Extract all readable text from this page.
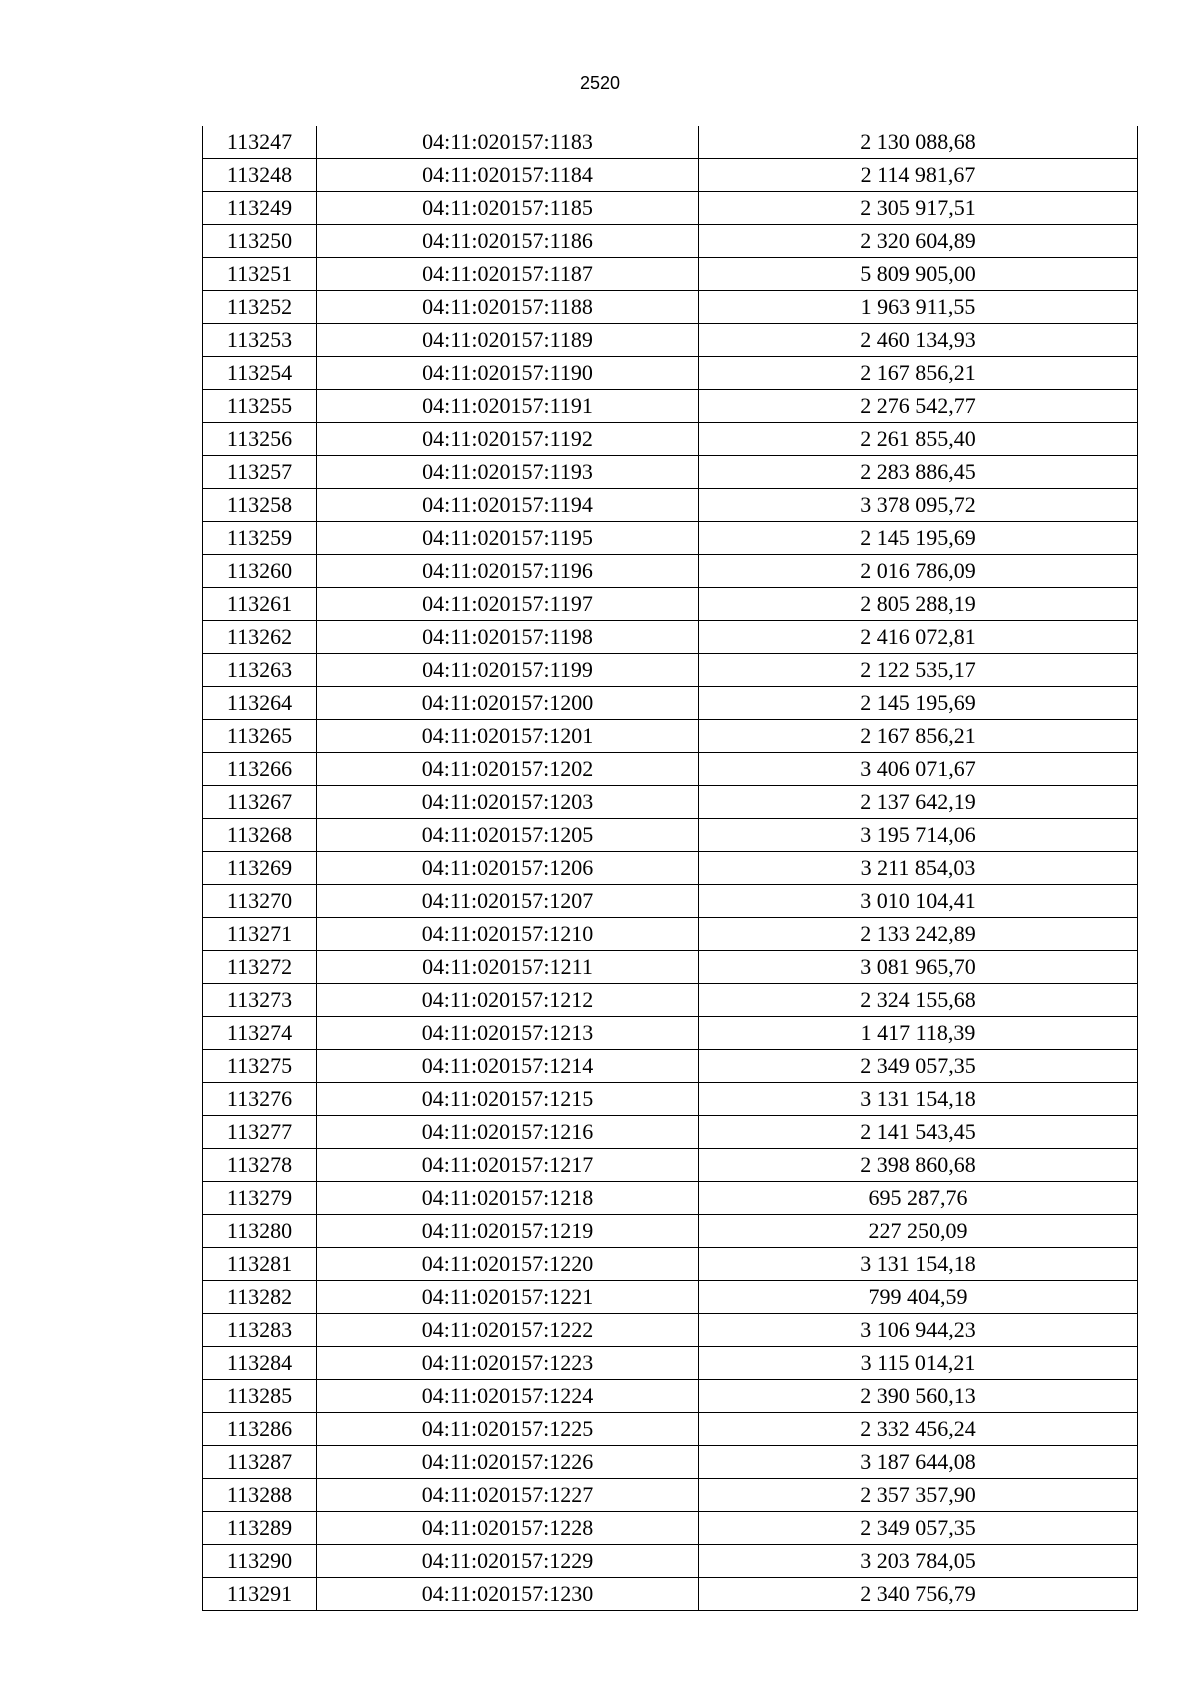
2520
113247	04:11:020157:1183	2 130 088,68
113248	04:11:020157:1184	2 114 981,67
113249	04:11:020157:1185	2 305 917,51
113250	04:11:020157:1186	2 320 604,89
113251	04:11:020157:1187	5 809 905,00
113252	04:11:020157:1188	1 963 911,55
113253	04:11:020157:1189	2 460 134,93
113254	04:11:020157:1190	2 167 856,21
113255	04:11:020157:1191	2 276 542,77
113256	04:11:020157:1192	2 261 855,40
113257	04:11:020157:1193	2 283 886,45
113258	04:11:020157:1194	3 378 095,72
113259	04:11:020157:1195	2 145 195,69
113260	04:11:020157:1196	2 016 786,09
113261	04:11:020157:1197	2 805 288,19
113262	04:11:020157:1198	2 416 072,81
113263	04:11:020157:1199	2 122 535,17
113264	04:11:020157:1200	2 145 195,69
113265	04:11:020157:1201	2 167 856,21
113266	04:11:020157:1202	3 406 071,67
113267	04:11:020157:1203	2 137 642,19
113268	04:11:020157:1205	3 195 714,06
113269	04:11:020157:1206	3 211 854,03
113270	04:11:020157:1207	3 010 104,41
113271	04:11:020157:1210	2 133 242,89
113272	04:11:020157:1211	3 081 965,70
113273	04:11:020157:1212	2 324 155,68
113274	04:11:020157:1213	1 417 118,39
113275	04:11:020157:1214	2 349 057,35
113276	04:11:020157:1215	3 131 154,18
113277	04:11:020157:1216	2 141 543,45
113278	04:11:020157:1217	2 398 860,68
113279	04:11:020157:1218	695 287,76
113280	04:11:020157:1219	227 250,09
113281	04:11:020157:1220	3 131 154,18
113282	04:11:020157:1221	799 404,59
113283	04:11:020157:1222	3 106 944,23
113284	04:11:020157:1223	3 115 014,21
113285	04:11:020157:1224	2 390 560,13
113286	04:11:020157:1225	2 332 456,24
113287	04:11:020157:1226	3 187 644,08
113288	04:11:020157:1227	2 357 357,90
113289	04:11:020157:1228	2 349 057,35
113290	04:11:020157:1229	3 203 784,05
113291	04:11:020157:1230	2 340 756,79
